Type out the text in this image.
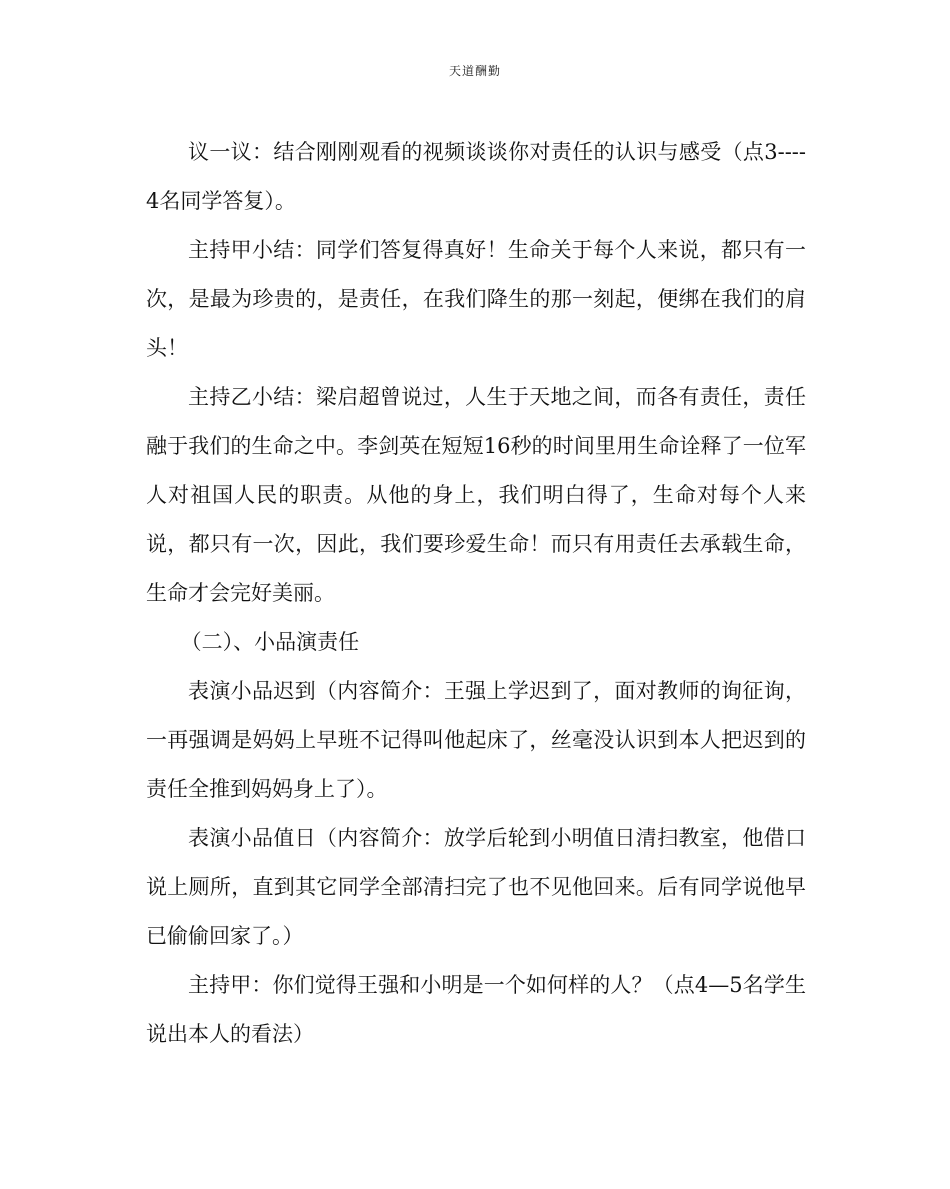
天道酬勤

议一议：结合刚刚观看的视频谈谈你对责任的认识与感受（点3----4名同学答复）。

主持甲小结：同学们答复得真好！生命关于每个人来说，都只有一次，是最为珍贵的，是责任，在我们降生的那一刻起，便绑在我们的肩头！

主持乙小结：梁启超曾说过，人生于天地之间，而各有责任，责任融于我们的生命之中。李剑英在短短16秒的时间里用生命诠释了一位军人对祖国人民的职责。从他的身上，我们明白得了，生命对每个人来说，都只有一次，因此，我们要珍爱生命！而只有用责任去承载生命，生命才会完好美丽。

（二）、小品演责任

表演小品迟到（内容简介：王强上学迟到了，面对教师的询征询，一再强调是妈妈上早班不记得叫他起床了，丝毫没认识到本人把迟到的责任全推到妈妈身上了）。

表演小品值日（内容简介：放学后轮到小明值日清扫教室，他借口说上厕所，直到其它同学全部清扫完了也不见他回来。后有同学说他早已偷偷回家了。）

主持甲：你们觉得王强和小明是一个如何样的人？（点4—5名学生说出本人的看法）
